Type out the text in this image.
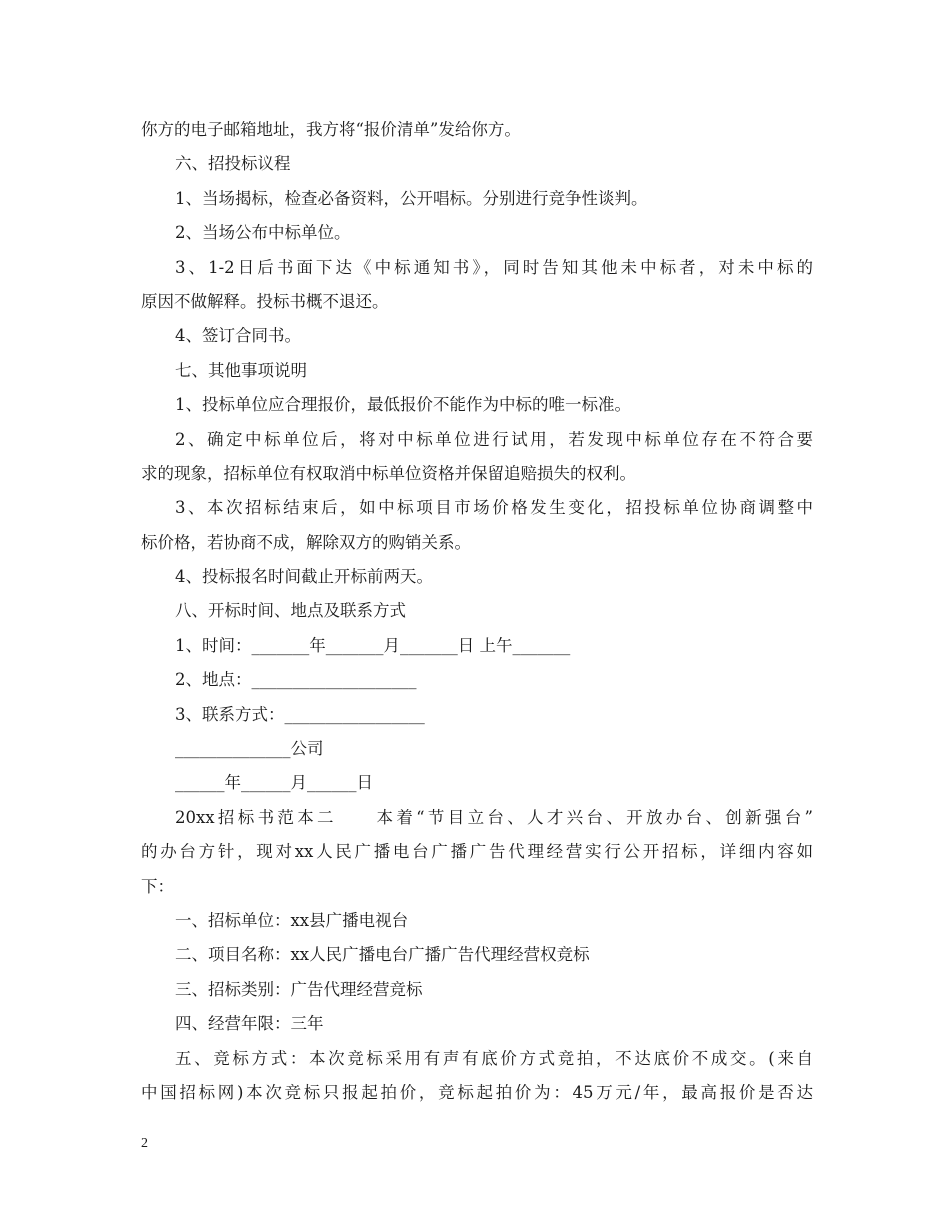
你方的电子邮箱地址，我方将“报价清单”发给你方。

六、招投标议程

1、当场揭标，检查必备资料，公开唱标。分别进行竞争性谈判。

2、当场公布中标单位。

3、1-2日后书面下达《中标通知书》，同时告知其他未中标者，对未中标的

原因不做解释。投标书概不退还。

4、签订合同书。

七、其他事项说明

1、投标单位应合理报价，最低报价不能作为中标的唯一标准。

2、确定中标单位后，将对中标单位进行试用，若发现中标单位存在不符合要

求的现象，招标单位有权取消中标单位资格并保留追赔损失的权利。

3、本次招标结束后，如中标项目市场价格发生变化，招投标单位协商调整中

标价格，若协商不成，解除双方的购销关系。

4、投标报名时间截止开标前两天。

八、开标时间、地点及联系方式

1、时间：_______年_______月_______日 上午_______

2、地点：____________________

3、联系方式：_________________

______________公司

______年______月______日

20xx招标书范本二　　本着“节目立台、人才兴台、开放办台、创新强台”

的办台方针，现对xx人民广播电台广播广告代理经营实行公开招标，详细内容如

下：

一、招标单位：xx县广播电视台

二、项目名称：xx人民广播电台广播广告代理经营权竞标

三、招标类别：广告代理经营竞标

四、经营年限：三年

五、竞标方式：本次竞标采用有声有底价方式竞拍，不达底价不成交。(来自

中国招标网)本次竞标只报起拍价，竞标起拍价为：45万元/年，最高报价是否达

2
